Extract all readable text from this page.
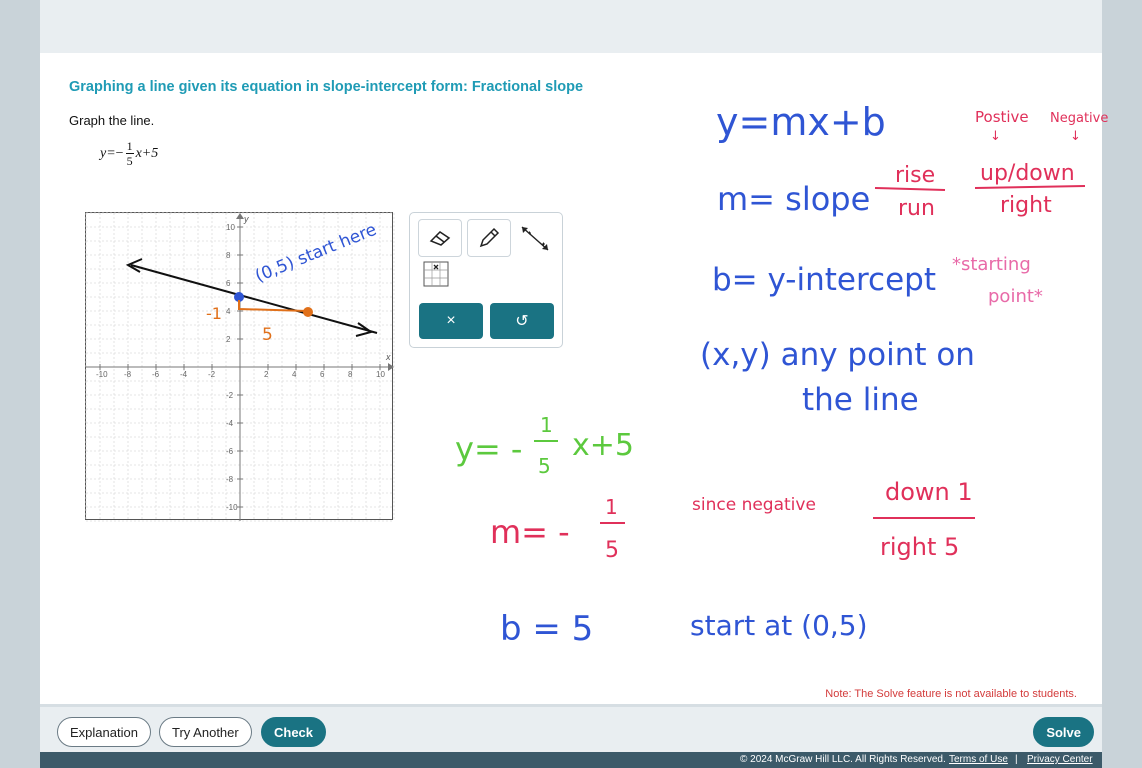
Graphing a line given its equation in slope-intercept form: Fractional slope
Graph the line.
$y= - \frac{1}{5} x+5$
x
y
-10 -8	-6	-4	-2	2	4	6	8	10
10
8
6
4
2
-2
-4
-6
-8
-10
×	↺
(0,5) start here
-1
5
y=mx+b	Postive Negative
↓	↓
m= slope
rise
run
up/down
right
b= y-intercept *starting
point*
(x,y) any point on
the line
y= -
1
5
x+5
m= -
1
5
since negative	down 1
right 5
b = 5	start at (0,5)
Note: The Solve feature is not available to students.
Explanation	Try Another	Check	Solve
© 2024 McGraw Hill LLC. All Rights Reserved. Terms of Use | Privacy Center
